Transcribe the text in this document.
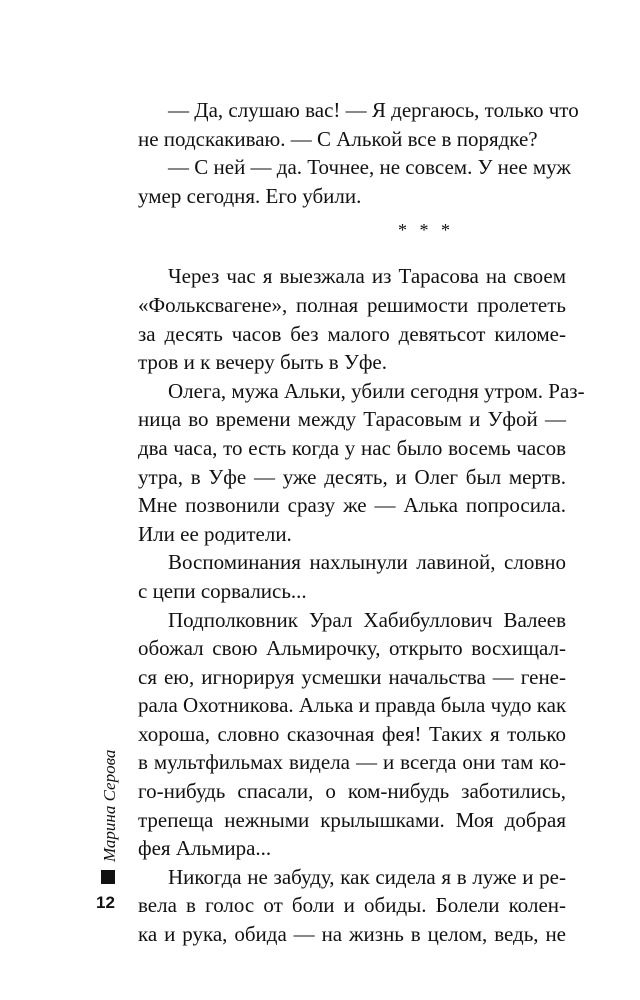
— Да, слушаю вас! — Я дергаюсь, только что
не подскакиваю. — С Алькой все в порядке?
— С ней — да. Точнее, не совсем. У нее муж
умер сегодня. Его убили.
* * *
Через час я выезжала из Тарасова на своем
«Фольксвагене», полная решимости пролететь
за десять часов без малого девятьсот киломе-
тров и к вечеру быть в Уфе.
Олега, мужа Альки, убили сегодня утром. Раз-
ница во времени между Тарасовым и Уфой —
два часа, то есть когда у нас было восемь часов
утра, в Уфе — уже десять, и Олег был мертв.
Мне позвонили сразу же — Алька попросила.
Или ее родители.
Воспоминания нахлынули лавиной, словно
с цепи сорвались...
Подполковник Урал Хабибуллович Валеев
обожал свою Альмирочку, открыто восхищал-
ся ею, игнорируя усмешки начальства — гене-
рала Охотникова. Алька и правда была чудо как
хороша, словно сказочная фея! Таких я только
в мультфильмах видела — и всегда они там ко-
го-нибудь спасали, о ком-нибудь заботились,
трепеща нежными крылышками. Моя добрая
фея Альмира...
Никогда не забуду, как сидела я в луже и ре-
вела в голос от боли и обиды. Болели колен-
ка и рука, обида — на жизнь в целом, ведь, не
Марина Серова
12
